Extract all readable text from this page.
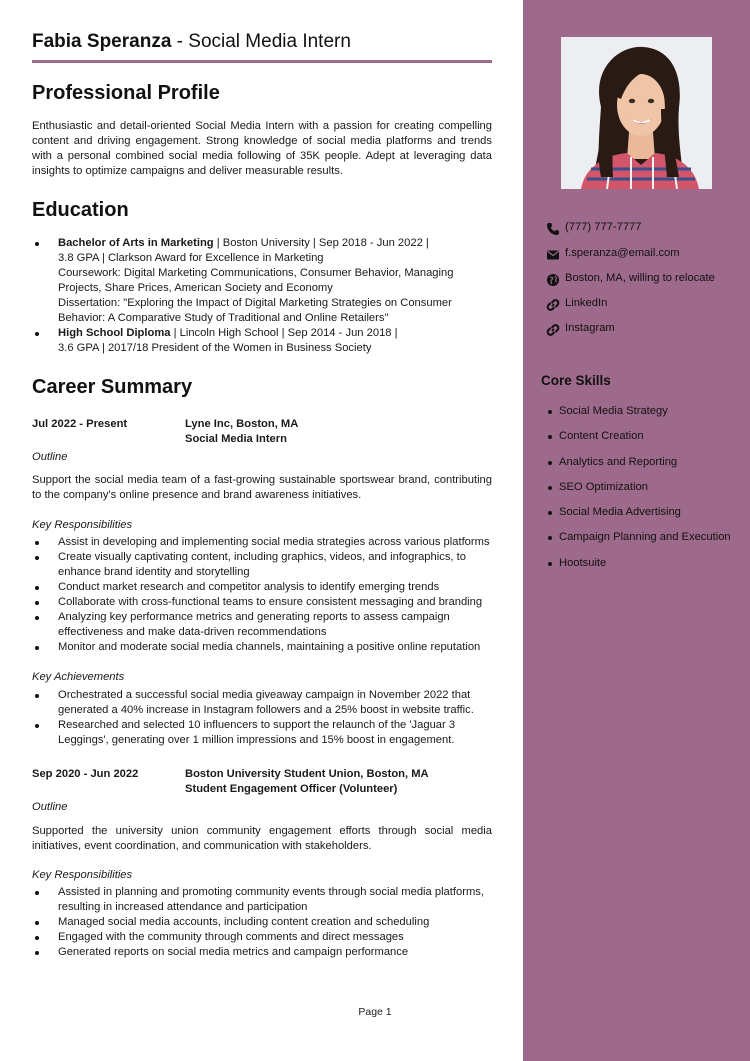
Fabia Speranza - Social Media Intern
Professional Profile
Enthusiastic and detail-oriented Social Media Intern with a passion for creating compelling content and driving engagement. Strong knowledge of social media platforms and trends with a personal combined social media following of 35K people. Adept at leveraging data insights to optimize campaigns and deliver measurable results.
Education
Bachelor of Arts in Marketing | Boston University | Sep 2018 - Jun 2022 |
3.8 GPA | Clarkson Award for Excellence in Marketing
Coursework: Digital Marketing Communications, Consumer Behavior, Managing Projects, Share Prices, American Society and Economy
Dissertation: "Exploring the Impact of Digital Marketing Strategies on Consumer Behavior: A Comparative Study of Traditional and Online Retailers"
High School Diploma | Lincoln High School | Sep 2014 - Jun 2018 |
3.6 GPA | 2017/18 President of the Women in Business Society
Career Summary
Jul 2022 - Present	Lyne Inc, Boston, MA
Social Media Intern
Outline
Support the social media team of a fast-growing sustainable sportswear brand, contributing to the company's online presence and brand awareness initiatives.
Key Responsibilities
Assist in developing and implementing social media strategies across various platforms
Create visually captivating content, including graphics, videos, and infographics, to enhance brand identity and storytelling
Conduct market research and competitor analysis to identify emerging trends
Collaborate with cross-functional teams to ensure consistent messaging and branding
Analyzing key performance metrics and generating reports to assess campaign effectiveness and make data-driven recommendations
Monitor and moderate social media channels, maintaining a positive online reputation
Key Achievements
Orchestrated a successful social media giveaway campaign in November 2022 that generated a 40% increase in Instagram followers and a 25% boost in website traffic.
Researched and selected 10 influencers to support the relaunch of the 'Jaguar 3 Leggings', generating over 1 million impressions and 15% boost in engagement.
Sep 2020 - Jun 2022	Boston University Student Union, Boston, MA
Student Engagement Officer (Volunteer)
Outline
Supported the university union community engagement efforts through social media initiatives, event coordination, and communication with stakeholders.
Key Responsibilities
Assisted in planning and promoting community events through social media platforms, resulting in increased attendance and participation
Managed social media accounts, including content creation and scheduling
Engaged with the community through comments and direct messages
Generated reports on social media metrics and campaign performance
(777) 777-7777
f.speranza@email.com
Boston, MA, willing to relocate
LinkedIn
Instagram
Core Skills
Social Media Strategy
Content Creation
Analytics and Reporting
SEO Optimization
Social Media Advertising
Campaign Planning and Execution
Hootsuite
Page 1
